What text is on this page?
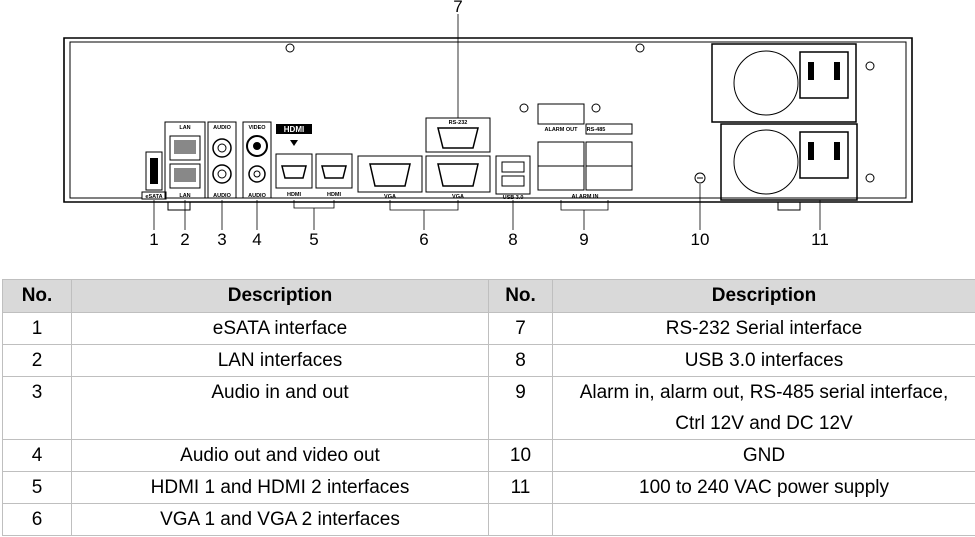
eSATA
LAN
LAN
AUDIO
AUDIO
VIDEO
AUDIO
HDMI
HDMI	HDMI	VGA	VGA
RS-232
USB 3.0
ALARM OUT RS-485
ALARM IN
1 2 3 4	5	6
7
8	9	10	11
No.	Description	No.	Description
1	eSATA interface	7	RS-232 Serial interface
2	LAN interfaces	8	USB 3.0 interfaces
3	Audio in and out	9	Alarm in, alarm out, RS-485 serial interface,
Ctrl 12V and DC 12V

4	Audio out and video out	10	GND
5	HDMI 1 and HDMI 2 interfaces	11	100 to 240 VAC power supply
6	VGA 1 and VGA 2 interfaces		
